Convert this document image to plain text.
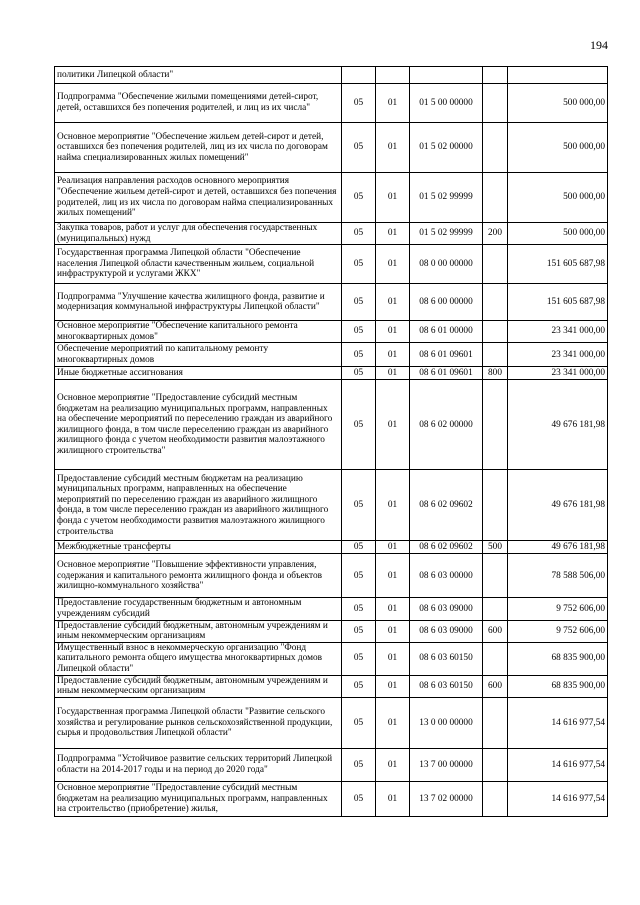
194
политики Липецкой области"					
Подпрограмма "Обеспечение жилыми помещениями детей-сирот, детей, оставшихся без попечения родителей, и лиц из их числа"	05	01	01 5 00 00000		500 000,00
Основное мероприятие "Обеспечение жильем детей-сирот и детей, оставшихся без попечения родителей, лиц из их числа по договорам найма специализированных жилых помещений"	05	01	01 5 02 00000		500 000,00
Реализация направления расходов основного мероприятия "Обеспечение жильем детей-сирот и детей, оставшихся без попечения родителей, лиц из их числа по договорам найма специализированных жилых помещений"	05	01	01 5 02 99999		500 000,00
Закупка товаров, работ и услуг для обеспечения государственных (муниципальных) нужд	05	01	01 5 02 99999	200	500 000,00
Государственная программа Липецкой области "Обеспечение населения Липецкой области качественным жильем, социальной инфраструктурой и услугами ЖКХ"	05	01	08 0 00 00000		151 605 687,98
Подпрограмма "Улучшение качества жилищного фонда, развитие и модернизация коммунальной инфраструктуры Липецкой области"	05	01	08 6 00 00000		151 605 687,98
Основное мероприятие "Обеспечение капитального ремонта многоквартирных домов"	05	01	08 6 01 00000		23 341 000,00
Обеспечение мероприятий по капитальному ремонту многоквартирных домов	05	01	08 6 01 09601		23 341 000,00
Иные бюджетные ассигнования	05	01	08 6 01 09601	800	23 341 000,00
Основное мероприятие "Предоставление субсидий местным бюджетам на реализацию муниципальных программ, направленных на обеспечение мероприятий по переселению граждан из аварийного жилищного фонда, в том числе переселению граждан из аварийного жилищного фонда с учетом необходимости развития малоэтажного жилищного строительства"	05	01	08 6 02 00000		49 676 181,98
Предоставление субсидий местным бюджетам на реализацию муниципальных программ, направленных на обеспечение мероприятий по переселению граждан из аварийного жилищного фонда, в том числе переселению граждан из аварийного жилищного фонда с учетом необходимости развития малоэтажного жилищного строительства	05	01	08 6 02 09602		49 676 181,98
Межбюджетные трансферты	05	01	08 6 02 09602	500	49 676 181,98
Основное мероприятие "Повышение эффективности управления, содержания и капитального ремонта жилищного фонда и объектов жилищно-коммунального хозяйства"	05	01	08 6 03 00000		78 588 506,00
Предоставление государственным бюджетным и автономным учреждениям субсидий	05	01	08 6 03 09000		9 752 606,00
Предоставление субсидий бюджетным, автономным учреждениям и иным некоммерческим организациям	05	01	08 6 03 09000	600	9 752 606,00
Имущественный взнос в некоммерческую организацию "Фонд капитального ремонта общего имущества многоквартирных домов Липецкой области"	05	01	08 6 03 60150		68 835 900,00
Предоставление субсидий бюджетным, автономным учреждениям и иным некоммерческим организациям	05	01	08 6 03 60150	600	68 835 900,00
Государственная программа Липецкой области "Развитие сельского хозяйства и регулирование рынков сельскохозяйственной продукции, сырья и продовольствия Липецкой области"	05	01	13 0 00 00000		14 616 977,54
Подпрограмма "Устойчивое развитие сельских территорий Липецкой области на 2014-2017 годы и на период до 2020 года"	05	01	13 7 00 00000		14 616 977,54
Основное мероприятие "Предоставление субсидий местным бюджетам на реализацию муниципальных программ, направленных на строительство (приобретение) жилья,	05	01	13 7 02 00000		14 616 977,54
